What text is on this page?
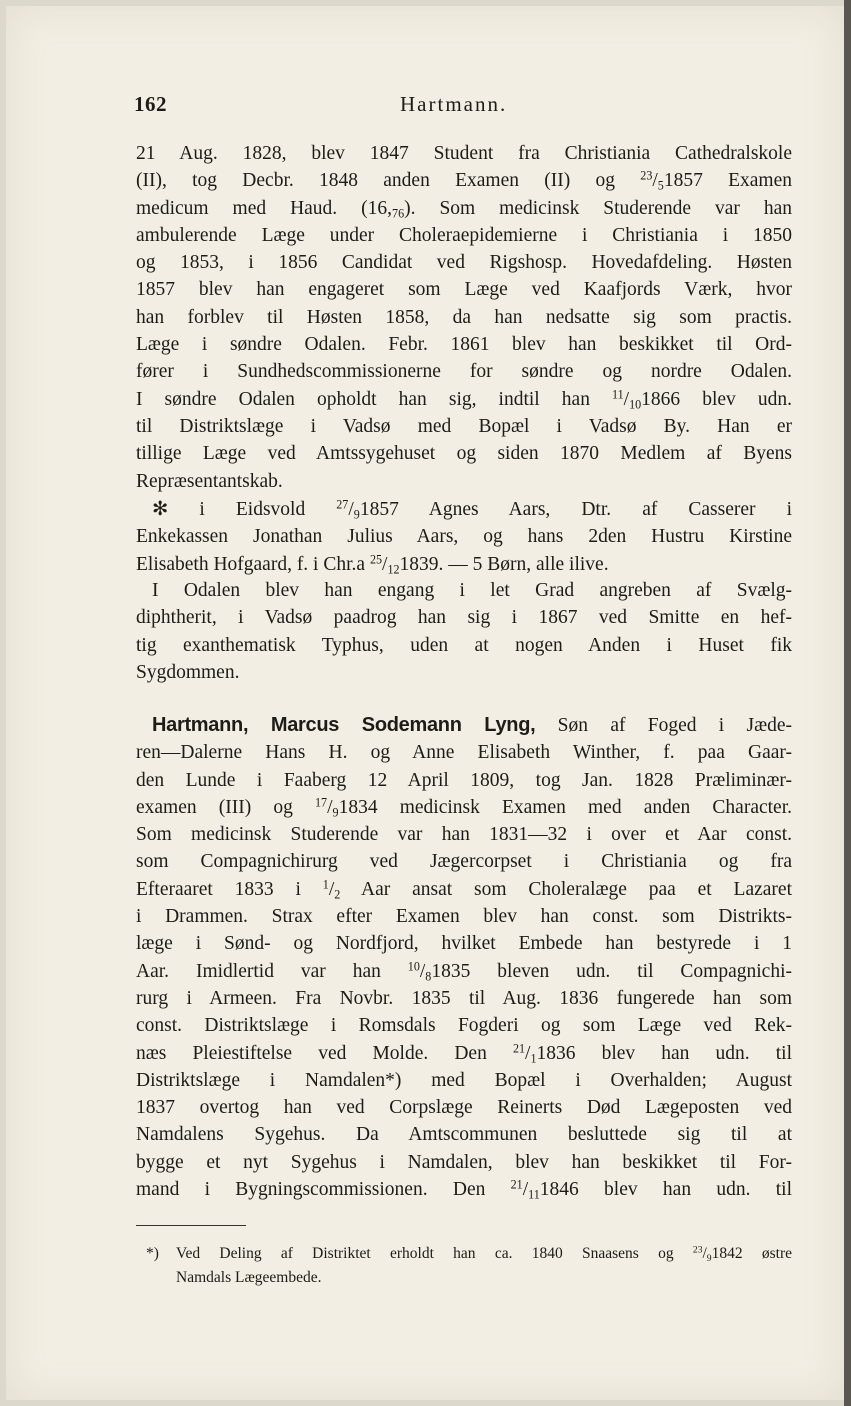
162	Hartmann.
21 Aug. 1828, blev 1847 Student fra Christiania Cathedralskole
(II), tog Decbr. 1848 anden Examen (II) og $^{23}/_51857$ Examen
medicum med Haud. $(16,_{76})$. Som medicinsk Studerende var han
ambulerende Læge under Choleraepidemierne i Christiania i 1850
og 1853, i 1856 Candidat ved Rigshosp. Hovedafdeling. Høsten
1857 blev han engageret som Læge ved Kaafjords Værk, hvor
han forblev til Høsten 1858, da han nedsatte sig som practis.
Læge i søndre Odalen. Febr. 1861 blev han beskikket til Ord-
fører i Sundhedscommissionerne for søndre og nordre Odalen.
I søndre Odalen opholdt han sig, indtil han $^{11}/_{10}1866$ blev udn.
til Distriktslæge i Vadsø med Bopæl i Vadsø By. Han er
tillige Læge ved Amtssygehuset og siden 1870 Medlem af Byens
Repræsentantskab.
✻ i Eidsvold $^{27}/_91857$ Agnes Aars, Dtr. af Casserer i
Enkekassen Jonathan Julius Aars, og hans 2den Hustru Kirstine
Elisabeth Hofgaard, f. i Chr.a $^{25}/_{12}1839$. — 5 Børn, alle ilive.
I Odalen blev han engang i let Grad angreben af Svælg-
diphtherit, i Vadsø paadrog han sig i 1867 ved Smitte en hef-
tig exanthematisk Typhus, uden at nogen Anden i Huset fik
Sygdommen.
Hartmann, Marcus Sodemann Lyng, Søn af Foged i Jæde-
ren—Dalerne Hans H. og Anne Elisabeth Winther, f. paa Gaar-
den Lunde i Faaberg 12 April 1809, tog Jan. 1828 Præliminær-
examen (III) og $^{17}/_91834$ medicinsk Examen med anden Character.
Som medicinsk Studerende var han 1831—32 i over et Aar const.
som Compagnichirurg ved Jægercorpset i Christiania og fra
Efteraaret 1833 i $^1/_2$ Aar ansat som Choleralæge paa et Lazaret
i Drammen. Strax efter Examen blev han const. som Distrikts-
læge i Sønd- og Nordfjord, hvilket Embede han bestyrede i 1
Aar. Imidlertid var han $^{10}/_81835$ bleven udn. til Compagnichi-
rurg i Armeen. Fra Novbr. 1835 til Aug. 1836 fungerede han som
const. Distriktslæge i Romsdals Fogderi og som Læge ved Rek-
næs Pleiestiftelse ved Molde. Den $^{21}/_11836$ blev han udn. til
Distriktslæge i Namdalen*) med Bopæl i Overhalden; August
1837 overtog han ved Corpslæge Reinerts Død Lægeposten ved
Namdalens Sygehus. Da Amtscommunen besluttede sig til at
bygge et nyt Sygehus i Namdalen, blev han beskikket til For-
mand i Bygningscommissionen. Den $^{21}/_{11}1846$ blev han udn. til
*) Ved Deling af Distriktet erholdt han ca. 1840 Snaasens og $^{23}/_91842$ østre
Namdals Lægeembede.
